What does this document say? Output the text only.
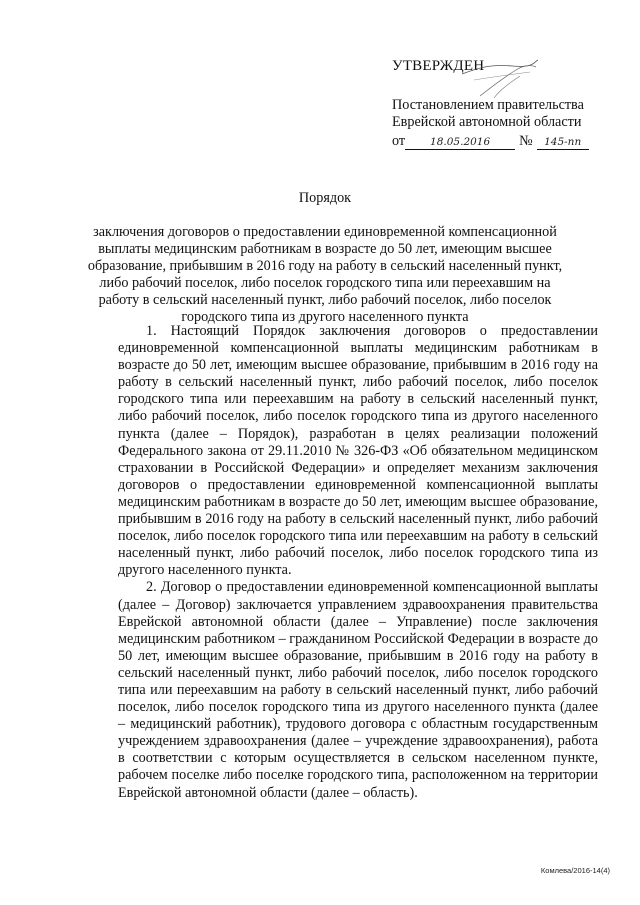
УТВЕРЖДЕН
Постановлением правительства
Еврейской автономной области
от	18.05.2016	№	145-пп
Порядок
заключения договоров о предоставлении единовременной компенсационной выплаты медицинским работникам в возрасте до 50 лет, имеющим высшее образование, прибывшим в 2016 году на работу в сельский населенный пункт, либо рабочий поселок, либо поселок городского типа или переехавшим на работу в сельский населенный пункт, либо рабочий поселок, либо поселок городского типа из другого населенного пункта

1. Настоящий Порядок заключения договоров о предоставлении единовременной компенсационной выплаты медицинским работникам в возрасте до 50 лет, имеющим высшее образование, прибывшим в 2016 году на работу в сельский населенный пункт, либо рабочий поселок, либо поселок городского типа или переехавшим на работу в сельский населенный пункт, либо рабочий поселок, либо поселок городского типа из другого населенного пункта (далее – Порядок), разработан в целях реализации положений Федерального закона от 29.11.2010 № 326-ФЗ «Об обязательном медицинском страховании в Российской Федерации» и определяет механизм заключения договоров о предоставлении единовременной компенсационной выплаты медицинским работникам в возрасте до 50 лет, имеющим высшее образование, прибывшим в 2016 году на работу в сельский населенный пункт, либо рабочий поселок, либо поселок городского типа или переехавшим на работу в сельский населенный пункт, либо рабочий поселок, либо поселок городского типа из другого населенного пункта.

2. Договор о предоставлении единовременной компенсационной выплаты (далее – Договор) заключается управлением здравоохранения правительства Еврейской автономной области (далее – Управление) после заключения медицинским работником – гражданином Российской Федерации в возрасте до 50 лет, имеющим высшее образование, прибывшим в 2016 году на работу в сельский населенный пункт, либо рабочий поселок, либо поселок городского типа или переехавшим на работу в сельский населенный пункт, либо рабочий поселок, либо поселок городского типа из другого населенного пункта (далее – медицинский работник), трудового договора с областным государственным учреждением здравоохранения (далее – учреждение здравоохранения), работа в соответствии с которым осуществляется в сельском населенном пункте, рабочем поселке либо поселке городского типа, расположенном на территории Еврейской автономной области (далее – область).

Комлева/2016-14(4)
